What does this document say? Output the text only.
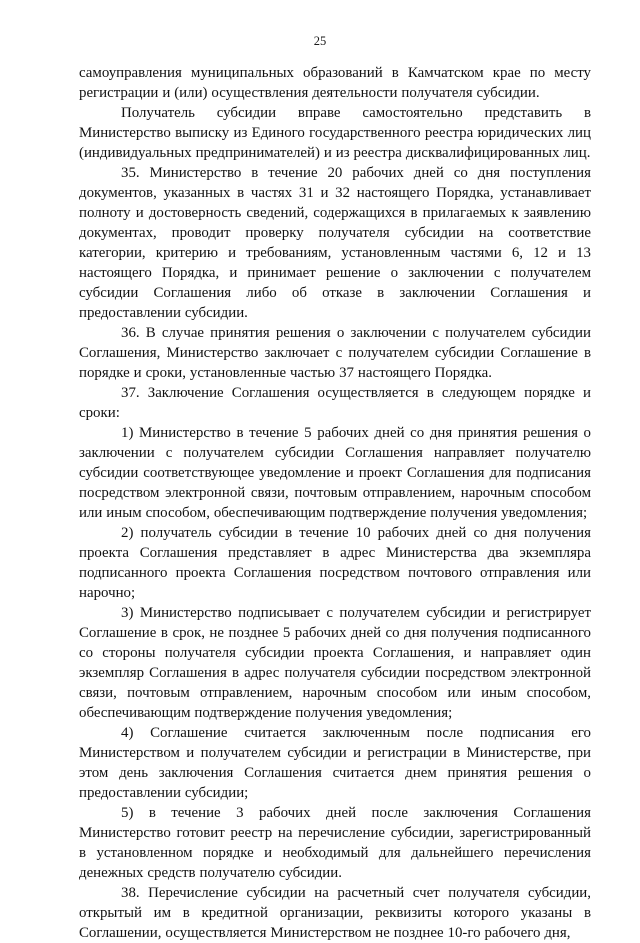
25

самоуправления муниципальных образований в Камчатском крае по месту регистрации и (или) осуществления деятельности получателя субсидии.

Получатель субсидии вправе самостоятельно представить в Министерство выписку из Единого государственного реестра юридических лиц (индивидуальных предпринимателей) и из реестра дисквалифицированных лиц.

35. Министерство в течение 20 рабочих дней со дня поступления документов, указанных в частях 31 и 32 настоящего Порядка, устанавливает полноту и достоверность сведений, содержащихся в прилагаемых к заявлению документах, проводит проверку получателя субсидии на соответствие категории, критерию и требованиям, установленным частями 6, 12 и 13 настоящего Порядка, и принимает решение о заключении с получателем субсидии Соглашения либо об отказе в заключении Соглашения и предоставлении субсидии.

36. В случае принятия решения о заключении с получателем субсидии Соглашения, Министерство заключает с получателем субсидии Соглашение в порядке и сроки, установленные частью 37 настоящего Порядка.

37. Заключение Соглашения осуществляется в следующем порядке и сроки:

1) Министерство в течение 5 рабочих дней со дня принятия решения о заключении с получателем субсидии Соглашения направляет получателю субсидии соответствующее уведомление и проект Соглашения для подписания посредством электронной связи, почтовым отправлением, нарочным способом или иным способом, обеспечивающим подтверждение получения уведомления;

2) получатель субсидии в течение 10 рабочих дней со дня получения проекта Соглашения представляет в адрес Министерства два экземпляра подписанного проекта Соглашения посредством почтового отправления или нарочно;

3) Министерство подписывает с получателем субсидии и регистрирует Соглашение в срок, не позднее 5 рабочих дней со дня получения подписанного со стороны получателя субсидии проекта Соглашения, и направляет один экземпляр Соглашения в адрес получателя субсидии посредством электронной связи, почтовым отправлением, нарочным способом или иным способом, обеспечивающим подтверждение получения уведомления;

4) Соглашение считается заключенным после подписания его Министерством и получателем субсидии и регистрации в Министерстве, при этом день заключения Соглашения считается днем принятия решения о предоставлении субсидии;

5) в течение 3 рабочих дней после заключения Соглашения Министерство готовит реестр на перечисление субсидии, зарегистрированный в установленном порядке и необходимый для дальнейшего перечисления денежных средств получателю субсидии.

38. Перечисление субсидии на расчетный счет получателя субсидии, открытый им в кредитной организации, реквизиты которого указаны в Соглашении, осуществляется Министерством не позднее 10-го рабочего дня,
